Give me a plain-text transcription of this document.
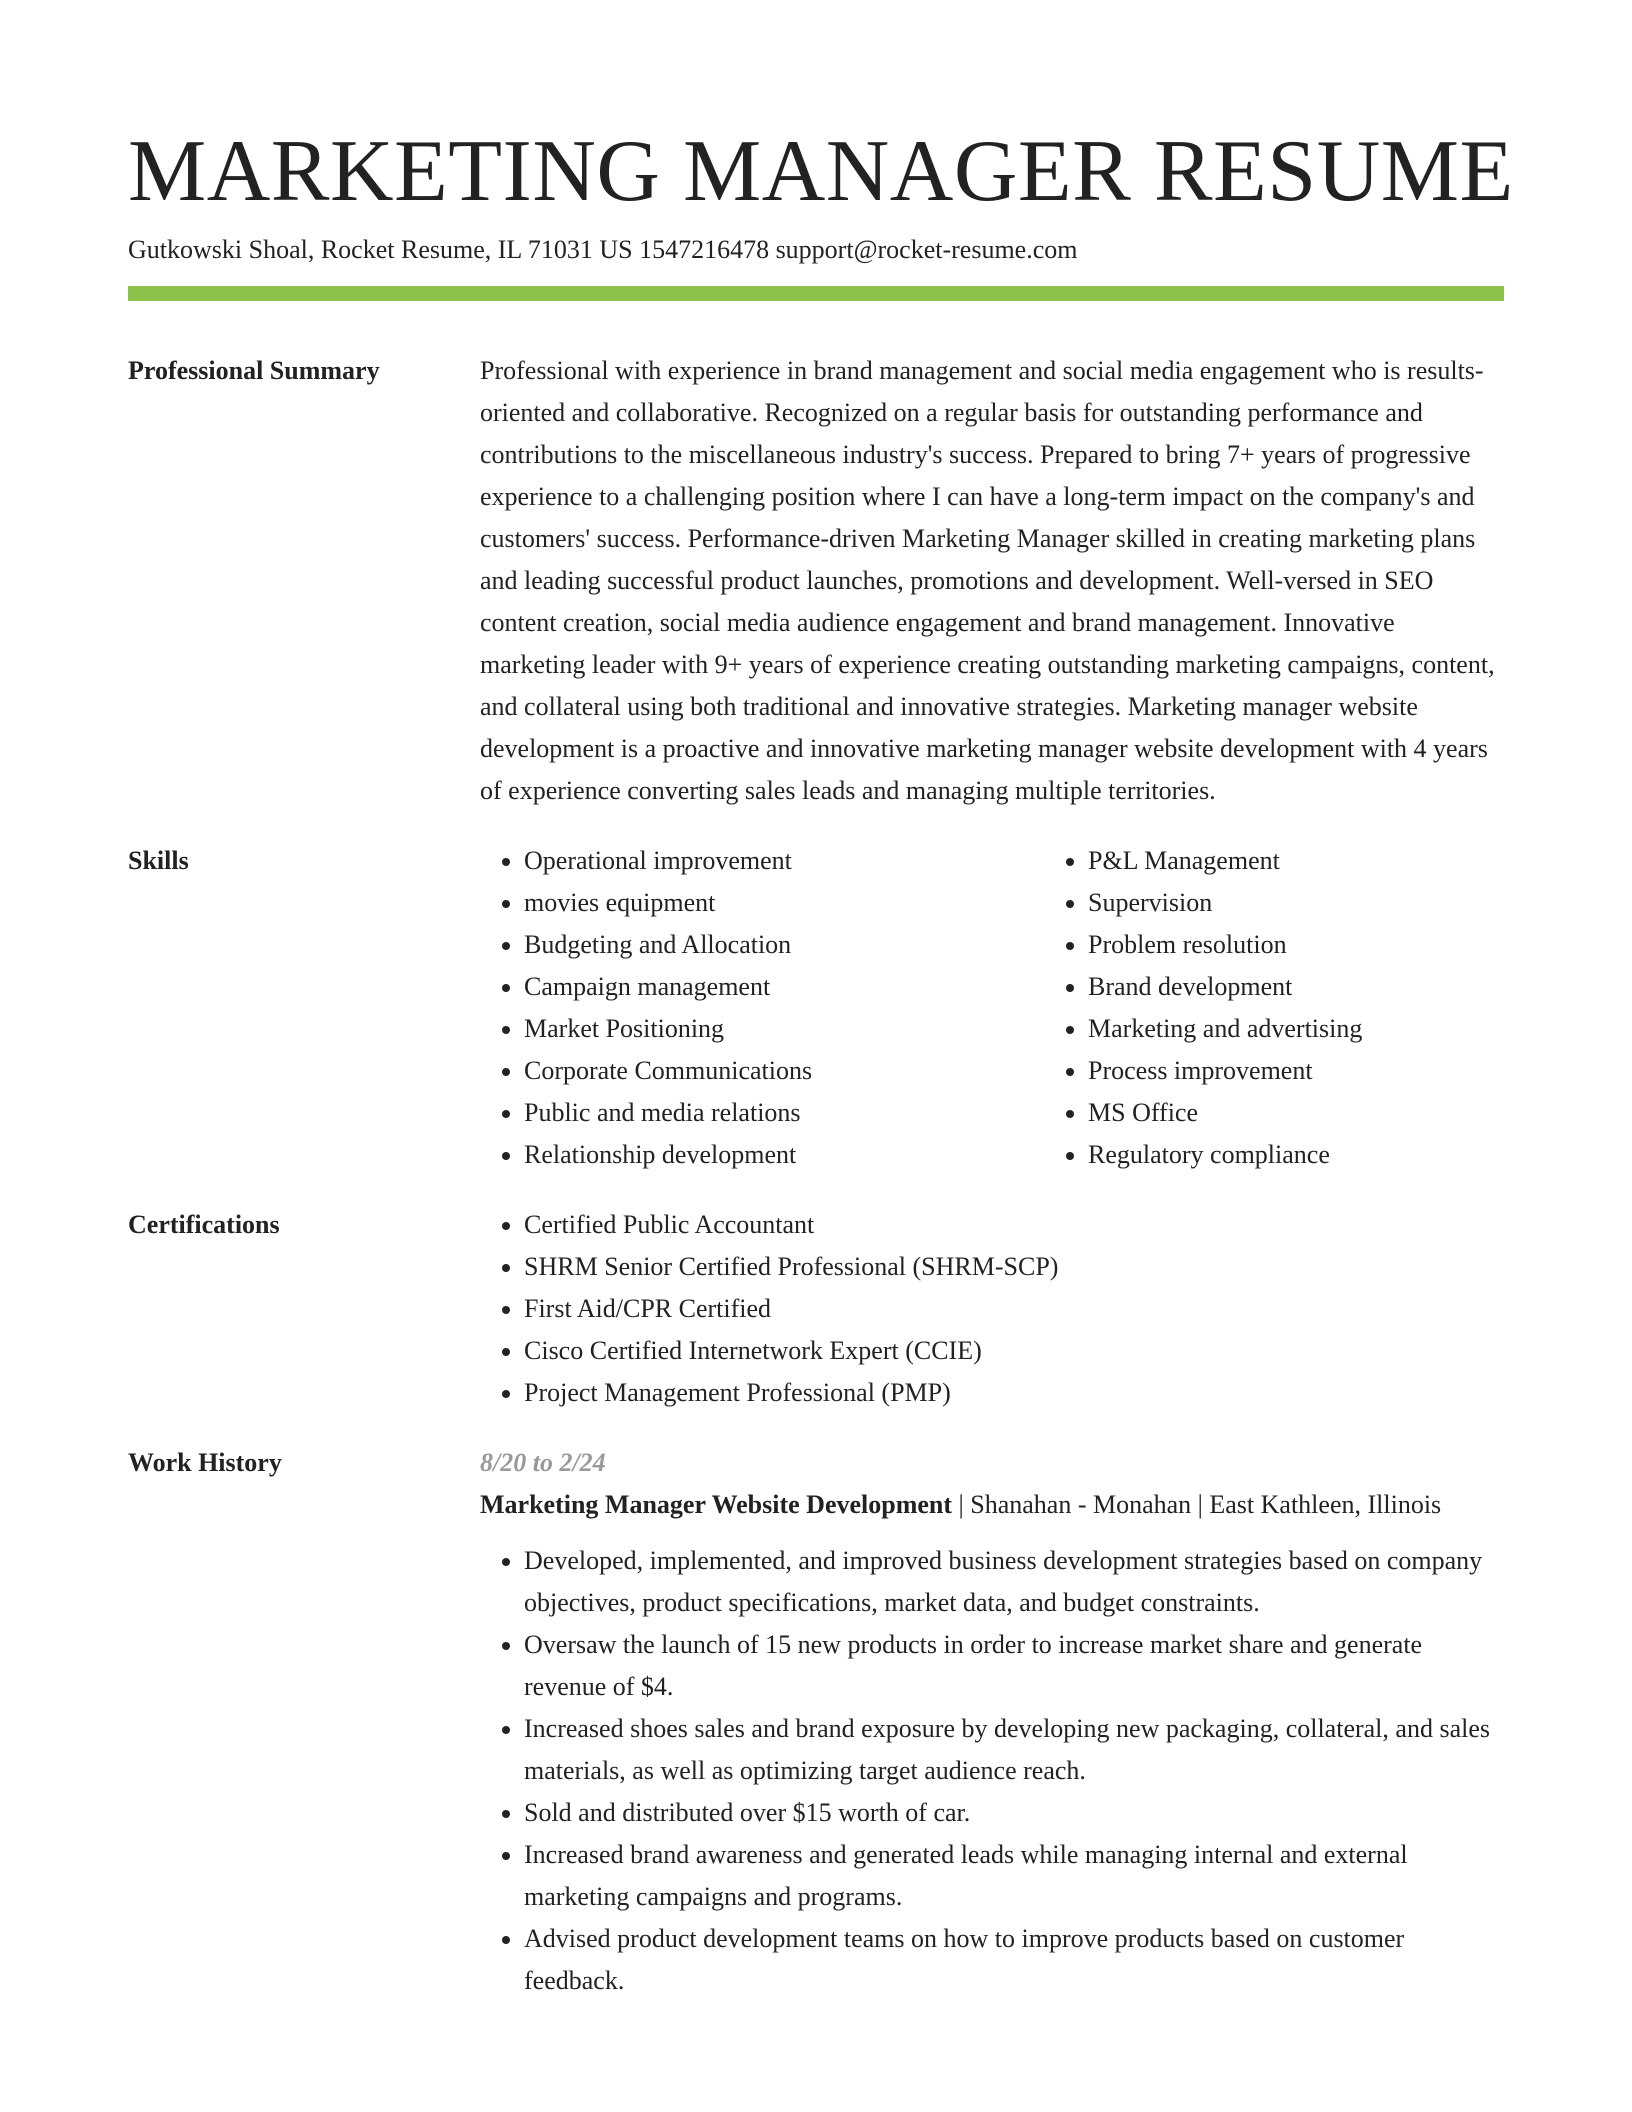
MARKETING MANAGER RESUME
Gutkowski Shoal, Rocket Resume, IL 71031 US 1547216478 support@rocket-resume.com
Professional Summary	Professional with experience in brand management and social media engagement who is results-oriented and collaborative. Recognized on a regular basis for outstanding performance and contributions to the miscellaneous industry's success. Prepared to bring 7+ years of progressive experience to a challenging position where I can have a long-term impact on the company's and customers' success. Performance-driven Marketing Manager skilled in creating marketing plans and leading successful product launches, promotions and development. Well-versed in SEO content creation, social media audience engagement and brand management. Innovative marketing leader with 9+ years of experience creating outstanding marketing campaigns, content, and collateral using both traditional and innovative strategies. Marketing manager website development is a proactive and innovative marketing manager website development with 4 years of experience converting sales leads and managing multiple territories.

Skills	• Operational improvement
• movies equipment
• Budgeting and Allocation
• Campaign management
• Market Positioning
• Corporate Communications
• Public and media relations
• Relationship development
• P&L Management
• Supervision
• Problem resolution
• Brand development
• Marketing and advertising
• Process improvement
• MS Office
• Regulatory compliance
Certifications	• Certified Public Accountant
• SHRM Senior Certified Professional (SHRM-SCP)
• First Aid/CPR Certified
• Cisco Certified Internetwork Expert (CCIE)
• Project Management Professional (PMP)
Work History	8/20 to 2/24
Marketing Manager Website Development | Shanahan - Monahan | East Kathleen, Illinois
• Developed, implemented, and improved business development strategies based on company objectives, product specifications, market data, and budget constraints.
• Oversaw the launch of 15 new products in order to increase market share and generate revenue of $4.
• Increased shoes sales and brand exposure by developing new packaging, collateral, and sales materials, as well as optimizing target audience reach.
• Sold and distributed over $15 worth of car.
• Increased brand awareness and generated leads while managing internal and external marketing campaigns and programs.
• Advised product development teams on how to improve products based on customer feedback.
